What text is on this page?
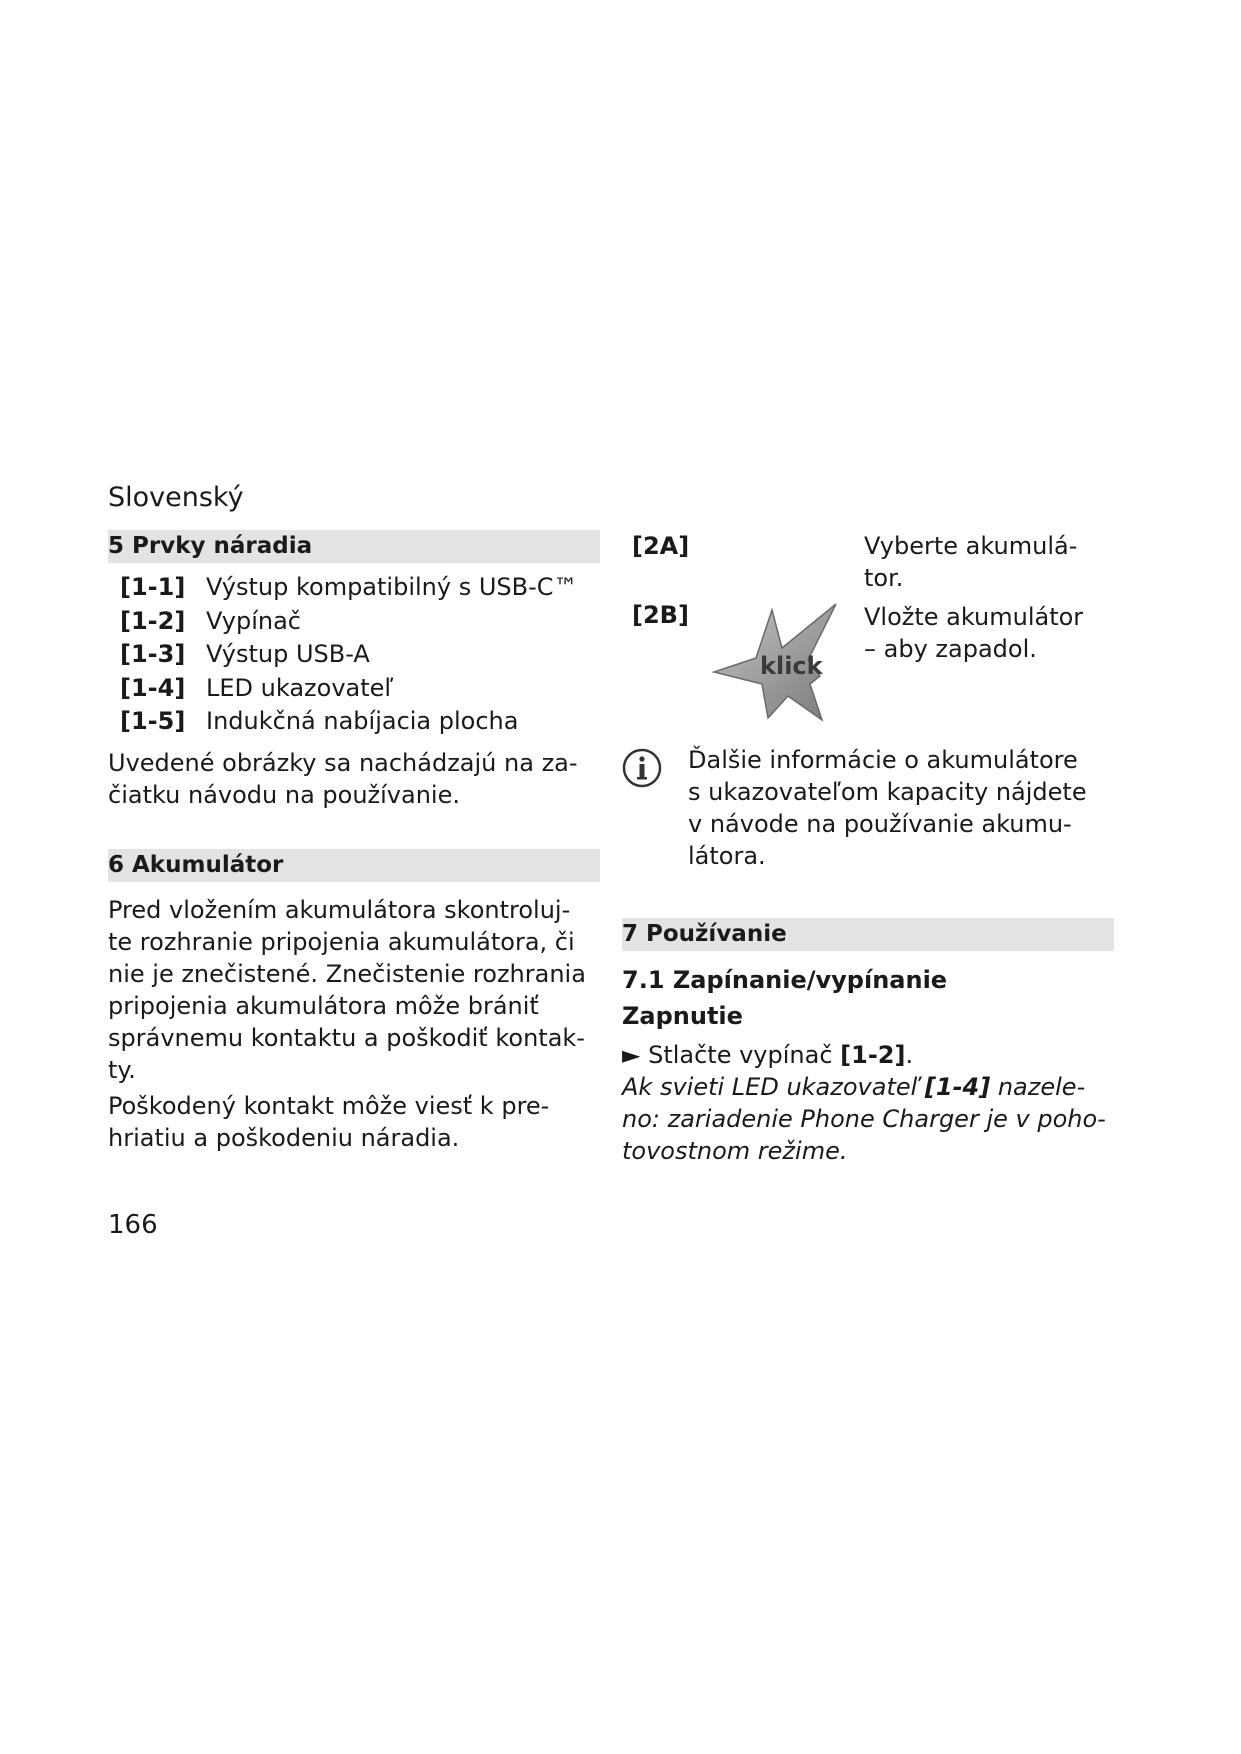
Slovenský
5 Prvky náradia
[1-1] Výstup kompatibilný s USB-C™
[1-2] Vypínač
[1-3] Výstup USB-A
[1-4] LED ukazovateľ
[1-5] Indukčná nabíjacia plocha

Uvedené obrázky sa nachádzajú na za-

čiatku návodu na používanie.

6 Akumulátor

Pred vložením akumulátora skontroluj-

te rozhranie pripojenia akumulátora, či

nie je znečistené. Znečistenie rozhrania

pripojenia akumulátora môže brániť

správnemu kontaktu a poškodiť kontak-

ty.

Poškodený kontakt môže viesť k pre-

hriatiu a poškodeniu náradia.

[2A]	Vyberte akumulá-

tor.

[2B]	Vložte akumulátor

– aby zapadol.

klick

Ďalšie informácie o akumulátore

s ukazovateľom kapacity nájdete

v návode na používanie akumu-

látora.

7 Používanie

7.1 Zapínanie/vypínanie

Zapnutie

► Stlačte vypínač [1-2].

Ak svieti LED ukazovateľ [1-4] nazele-

no: zariadenie Phone Charger je v poho-

tovostnom režime.

166
